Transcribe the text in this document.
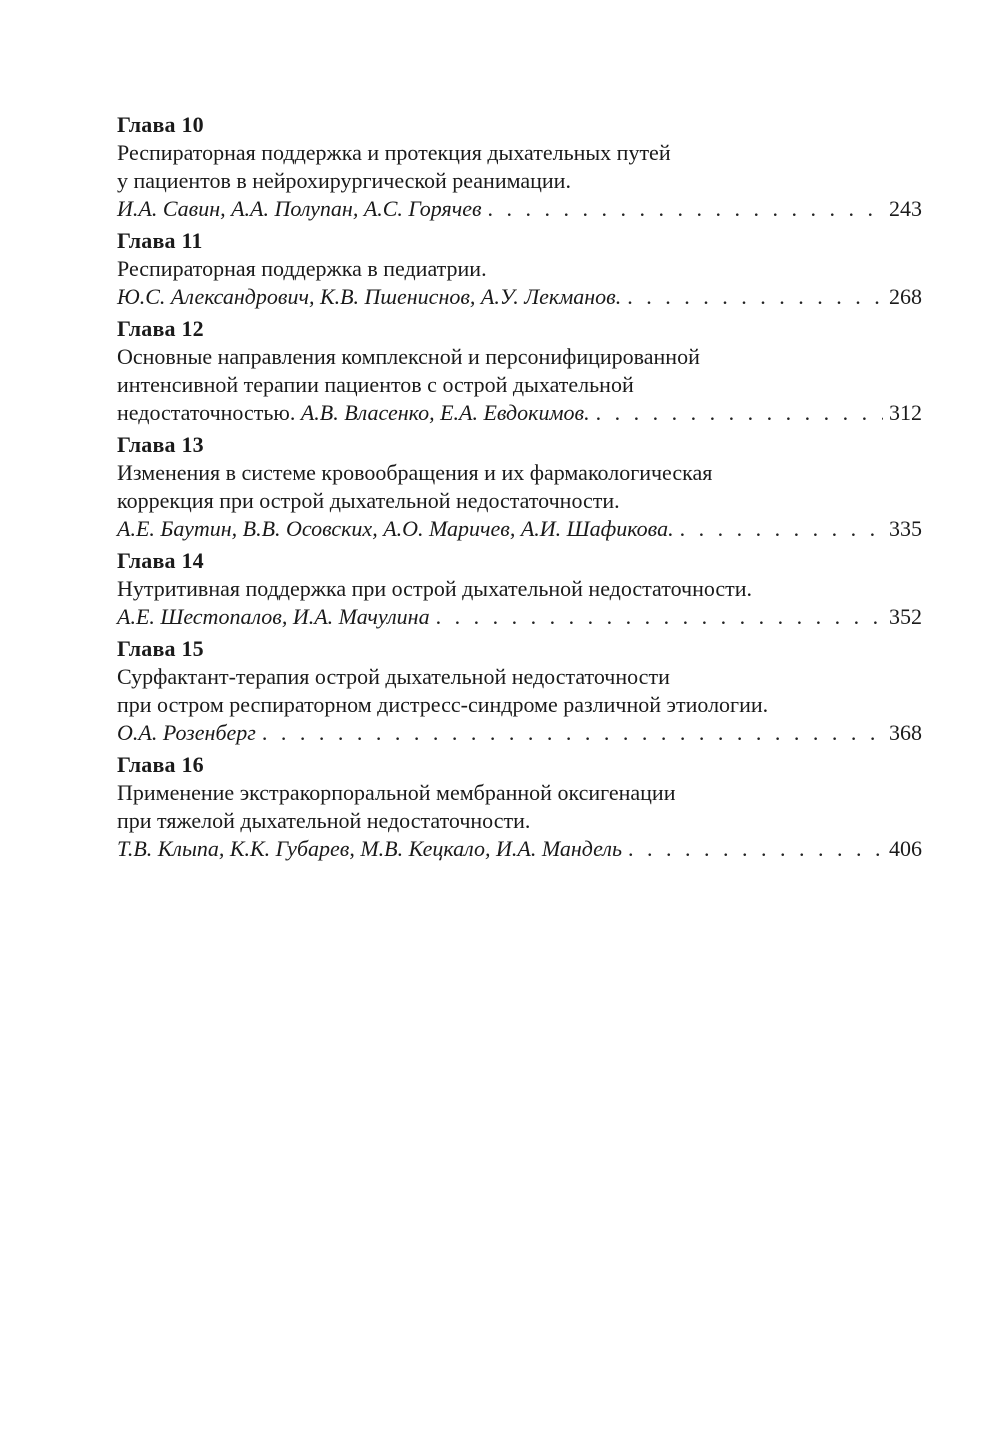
Глава 10
Респираторная поддержка и протекция дыхательных путей
у пациентов в нейрохирургической реанимации.
И.А. Савин, А.А. Полупан, А.С. Горячев . . .	243
Глава 11
Респираторная поддержка в педиатрии.
Ю.С. Александрович, К.В. Пшениснов, А.У. Лекманов. . . .	268
Глава 12
Основные направления комплексной и персонифицированной
интенсивной терапии пациентов с острой дыхательной
недостаточностью. А.В. Власенко, Е.А. Евдокимов. . . .	312
Глава 13
Изменения в системе кровообращения и их фармакологическая
коррекция при острой дыхательной недостаточности.
А.Е. Баутин, В.В. Осовских, А.О. Маричев, А.И. Шафикова. . . .	335
Глава 14
Нутритивная поддержка при острой дыхательной недостаточности.
А.Е. Шестопалов, И.А. Мачулина . . .	352
Глава 15
Сурфактант-терапия острой дыхательной недостаточности
при остром респираторном дистресс-синдроме различной этиологии.
О.А. Розенберг . . .	368
Глава 16
Применение экстракорпоральной мембранной оксигенации
при тяжелой дыхательной недостаточности.
Т.В. Клыпа, К.К. Губарев, М.В. Кецкало, И.А. Мандель . . .	406
